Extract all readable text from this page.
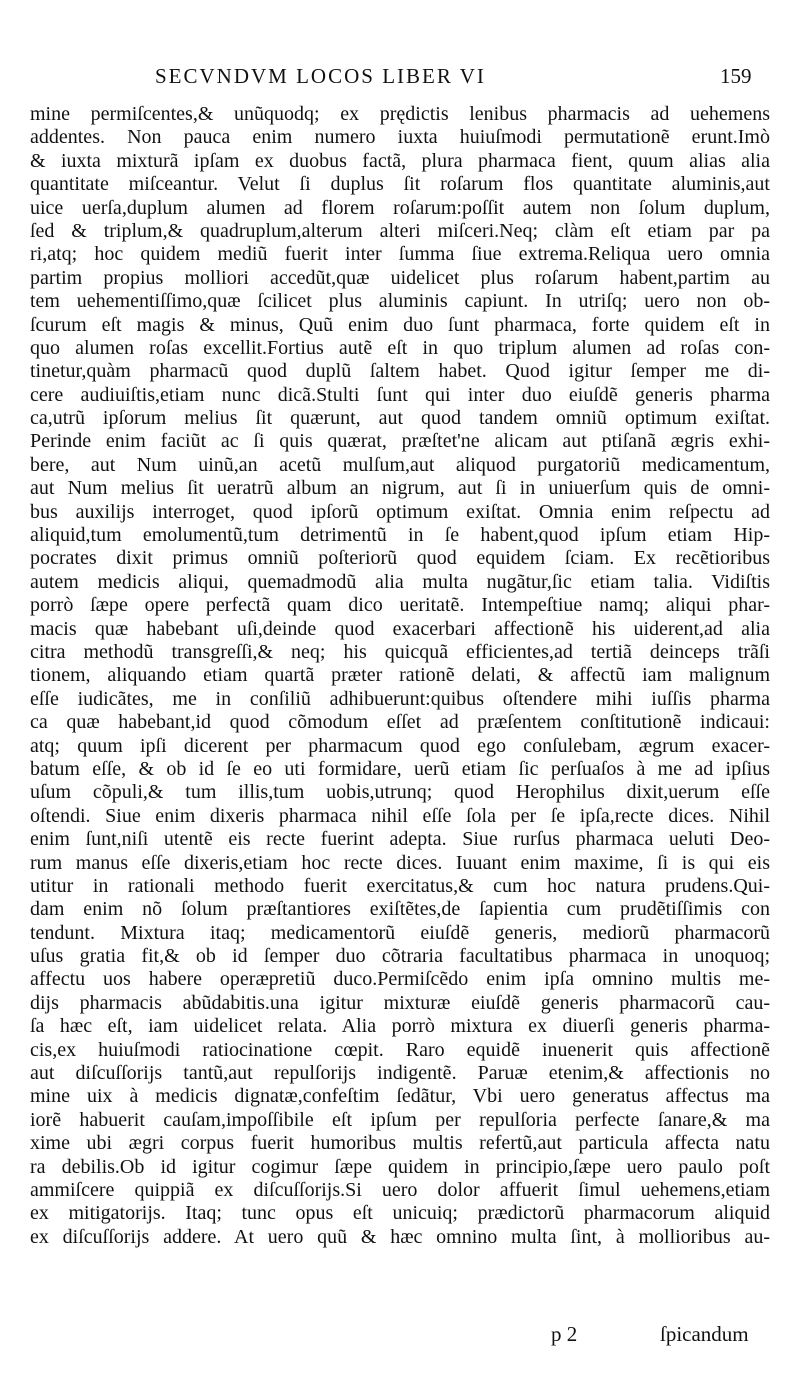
SECVNDVM LOCOS LIBER VI	159
mine permiſcentes,& unũquodq; ex prędictis lenibus pharmacis ad uehemens
addentes. Non pauca enim numero iuxta huiuſmodi permutationẽ erunt.Imò
& iuxta mixturã ipſam ex duobus factã, plura pharmaca fient, quum alias alia
quantitate miſceantur. Velut ſi duplus ſit roſarum flos quantitate aluminis,aut
uice uerſa,duplum alumen ad florem roſarum:poſſit autem non ſolum duplum,
ſed & triplum,& quadruplum,alterum alteri miſceri.Neq; clàm eſt etiam par pa
ri,atq; hoc quidem mediũ fuerit inter ſumma ſiue extrema.Reliqua uero omnia
partim propius molliori accedũt,quæ uidelicet plus roſarum habent,partim au
tem uehementiſſimo,quæ ſcilicet plus aluminis capiunt. In utriſq; uero non ob-
ſcurum eſt magis & minus, Quũ enim duo ſunt pharmaca, forte quidem eſt in
quo alumen roſas excellit.Fortius autẽ eſt in quo triplum alumen ad roſas con-
tinetur,quàm pharmacũ quod duplũ ſaltem habet. Quod igitur ſemper me di-
cere audiuiſtis,etiam nunc dicã.Stulti ſunt qui inter duo eiuſdẽ generis pharma
ca,utrũ ipſorum melius ſit quærunt, aut quod tandem omniũ optimum exiſtat.
Perinde enim faciũt ac ſi quis quærat, præſtet'ne alicam aut ptiſanã ægris exhi-
bere, aut Num uinũ,an acetũ mulſum,aut aliquod purgatoriũ medicamentum,
aut Num melius ſit ueratrũ album an nigrum, aut ſi in uniuerſum quis de omni-
bus auxilijs interroget, quod ipſorũ optimum exiſtat. Omnia enim reſpectu ad
aliquid,tum emolumentũ,tum detrimentũ in ſe habent,quod ipſum etiam Hip-
pocrates dixit primus omniũ poſteriorũ quod equidem ſciam. Ex recẽtioribus
autem medicis aliqui, quemadmodũ alia multa nugãtur,ſic etiam talia. Vidiſtis
porrò ſæpe opere perfectã quam dico ueritatẽ. Intempeſtiue namq; aliqui phar-
macis quæ habebant uſi,deinde quod exacerbari affectionẽ his uiderent,ad alia
citra methodũ transgreſſi,& neq; his quicquã efficientes,ad tertiã deinceps trãſi
tionem, aliquando etiam quartã præter rationẽ delati, & affectũ iam malignum
eſſe iudicãtes, me in conſiliũ adhibuerunt:quibus oſtendere mihi iuſſis pharma
ca quæ habebant,id quod cõmodum eſſet ad præſentem conſtitutionẽ indicaui:
atq; quum ipſi dicerent per pharmacum quod ego conſulebam, ægrum exacer-
batum eſſe, & ob id ſe eo uti formidare, uerũ etiam ſic perſuaſos à me ad ipſius
uſum cõpuli,& tum illis,tum uobis,utrunq; quod Herophilus dixit,uerum eſſe
oſtendi. Siue enim dixeris pharmaca nihil eſſe ſola per ſe ipſa,recte dices. Nihil
enim ſunt,niſi utentẽ eis recte fuerint adepta. Siue rurſus pharmaca ueluti Deo-
rum manus eſſe dixeris,etiam hoc recte dices. Iuuant enim maxime, ſi is qui eis
utitur in rationali methodo fuerit exercitatus,& cum hoc natura prudens.Qui-
dam enim nõ ſolum præſtantiores exiſtẽtes,de ſapientia cum prudẽtiſſimis con
tendunt. Mixtura itaq; medicamentorũ eiuſdẽ generis, mediorũ pharmacorũ
uſus gratia fit,& ob id ſemper duo cõtraria facultatibus pharmaca in unoquoq;
affectu uos habere operæpretiũ duco.Permiſcẽdo enim ipſa omnino multis me-
dijs pharmacis abũdabitis.una igitur mixturæ eiuſdẽ generis pharmacorũ cau-
ſa hæc eſt, iam uidelicet relata. Alia porrò mixtura ex diuerſi generis pharma-
cis,ex huiuſmodi ratiocinatione cœpit. Raro equidẽ inuenerit quis affectionẽ
aut diſcuſſorijs tantũ,aut repulſorijs indigentẽ. Paruæ etenim,& affectionis no
mine uix à medicis dignatæ,confeſtim ſedãtur, Vbi uero generatus affectus ma
iorẽ habuerit cauſam,impoſſibile eſt ipſum per repulſoria perfecte ſanare,& ma
xime ubi ægri corpus fuerit humoribus multis refertũ,aut particula affecta natu
ra debilis.Ob id igitur cogimur ſæpe quidem in principio,ſæpe uero paulo poſt
ammiſcere quippiã ex diſcuſſorijs.Si uero dolor affuerit ſimul uehemens,etiam
ex mitigatorijs. Itaq; tunc opus eſt unicuiq; prædictorũ pharmacorum aliquid
ex diſcuſſorijs addere. At uero quũ & hæc omnino multa ſint, à mollioribus au-
p 2	ſpicandum
